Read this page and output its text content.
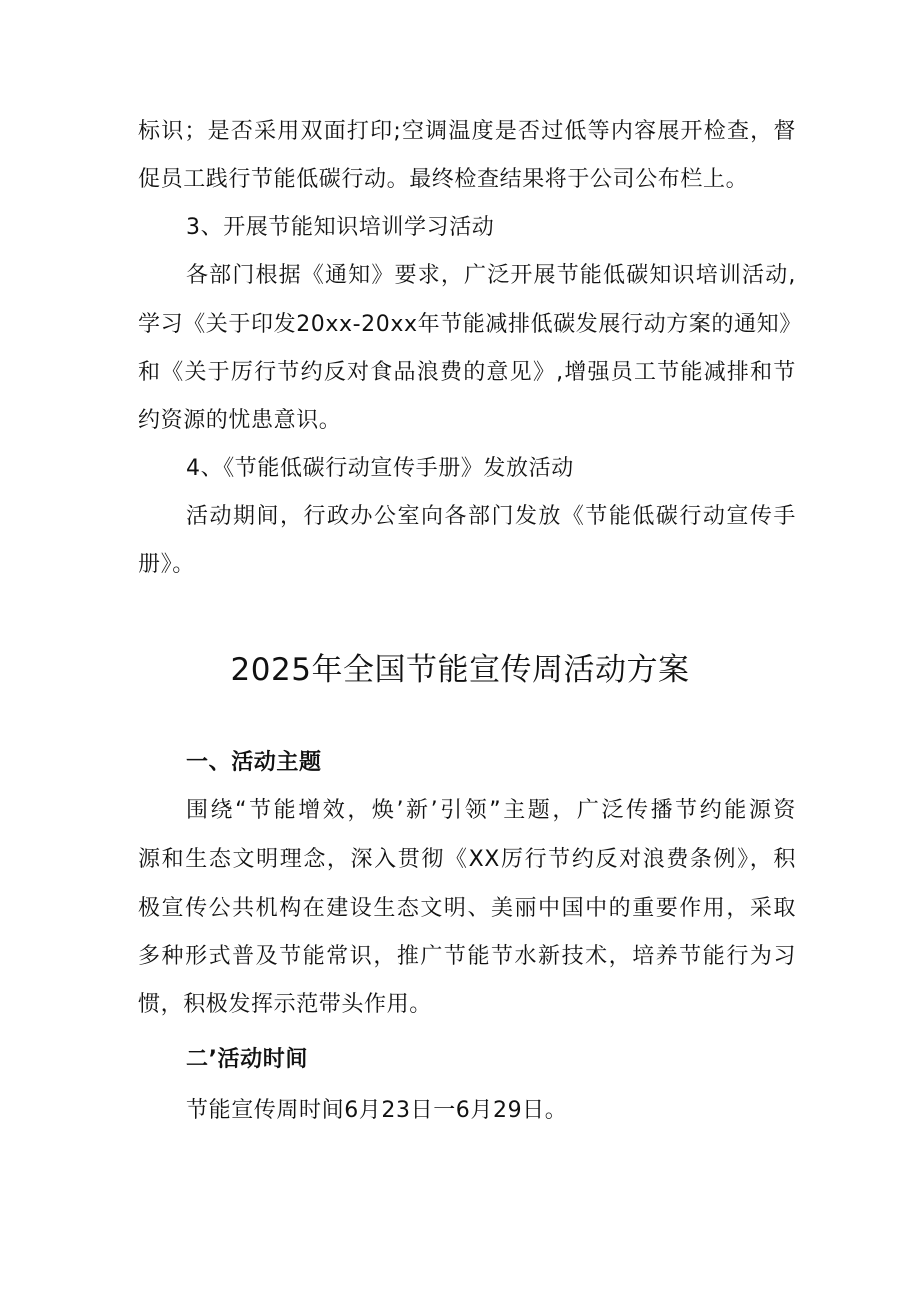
标识；是否采用双面打印;空调温度是否过低等内容展开检查，督
促员工践行节能低碳行动。最终检查结果将于公司公布栏上。
3、开展节能知识培训学习活动
各部门根据《通知》要求，广泛开展节能低碳知识培训活动,
学习《关于印发20xx-20xx年节能减排低碳发展行动方案的通知》
和《关于厉行节约反对食品浪费的意见》,增强员工节能减排和节
约资源的忧患意识。
4、《节能低碳行动宣传手册》发放活动
活动期间，行政办公室向各部门发放《节能低碳行动宣传手
册》。
2025年全国节能宣传周活动方案
一、活动主题
围绕“节能增效，焕’新’引领”主题，广泛传播节约能源资
源和生态文明理念，深入贯彻《XX厉行节约反对浪费条例》，积
极宣传公共机构在建设生态文明、美丽中国中的重要作用，采取
多种形式普及节能常识，推广节能节水新技术，培养节能行为习
惯，积极发挥示范带头作用。
二’活动时间
节能宣传周时间6月23日一6月29日。
